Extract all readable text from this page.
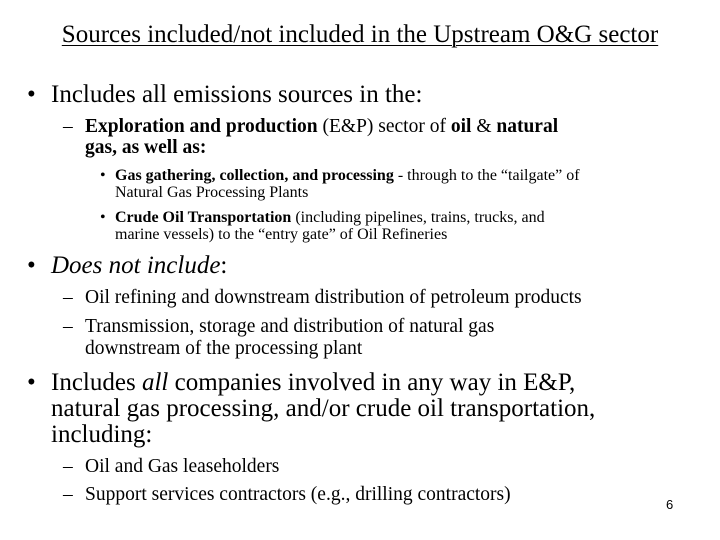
Sources included/not included in the Upstream O&G sector
• Includes all emissions sources in the:
– Exploration and production (E&P) sector of oil & natural
gas, as well as:
• Gas gathering, collection, and processing - through to the “tailgate” of
Natural Gas Processing Plants
• Crude Oil Transportation (including pipelines, trains, trucks, and
marine vessels) to the “entry gate” of Oil Refineries
• Does not include:
– Oil refining and downstream distribution of petroleum products
– Transmission, storage and distribution of natural gas
downstream of the processing plant
• Includes all companies involved in any way in E&P,
natural gas processing, and/or crude oil transportation,
including:
– Oil and Gas leaseholders
– Support services contractors (e.g., drilling contractors)	6
